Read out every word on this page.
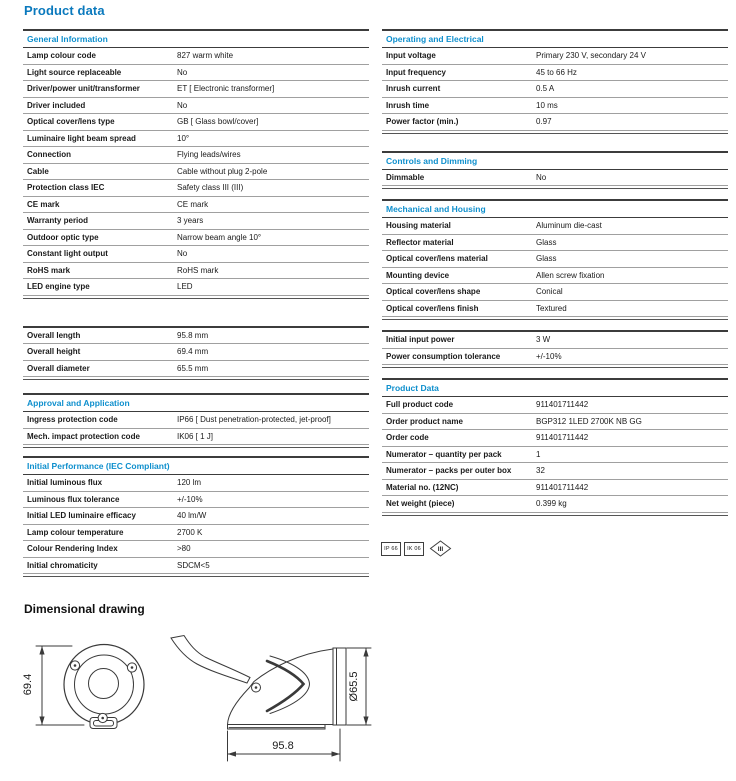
Product data
General Information
Lamp colour code	827 warm white
Light source replaceable	No
Driver/power unit/transformer	ET [ Electronic transformer]
Driver included	No
Optical cover/lens type	GB [ Glass bowl/cover]
Luminaire light beam spread	10°
Connection	Flying leads/wires
Cable	Cable without plug 2-pole
Protection class IEC	Safety class III (III)
CE mark	CE mark
Warranty period	3 years
Outdoor optic type	Narrow beam angle 10°
Constant light output	No
RoHS mark	RoHS mark
LED engine type	LED
Overall length	95.8 mm
Overall height	69.4 mm
Overall diameter	65.5 mm
Approval and Application
Ingress protection code	IP66 [ Dust penetration-protected, jet-proof]
Mech. impact protection code	IK06 [ 1 J]
Initial Performance (IEC Compliant)
Initial luminous flux	120 lm
Luminous flux tolerance	+/-10%
Initial LED luminaire efficacy	40 lm/W
Lamp colour temperature	2700 K
Colour Rendering Index	>80
Initial chromaticity	SDCM<5
Operating and Electrical
Input voltage	Primary 230 V, secondary 24 V
Input frequency	45 to 66 Hz
Inrush current	0.5 A
Inrush time	10 ms
Power factor (min.)	0.97
Controls and Dimming
Dimmable	No
Mechanical and Housing
Housing material	Aluminum die-cast
Reflector material	Glass
Optical cover/lens material	Glass
Mounting device	Allen screw fixation
Optical cover/lens shape	Conical
Optical cover/lens finish	Textured
Initial input power	3 W
Power consumption tolerance	+/-10%
Product Data
Full product code	911401711442
Order product name	BGP312 1LED 2700K NB GG
Order code	911401711442
Numerator – quantity per pack	1
Numerator – packs per outer box	32
Material no. (12NC)	911401711442
Net weight (piece)	0.399 kg
IP 66	IK 06	III
Dimensional drawing
69.4	Ø65.5
95.8
